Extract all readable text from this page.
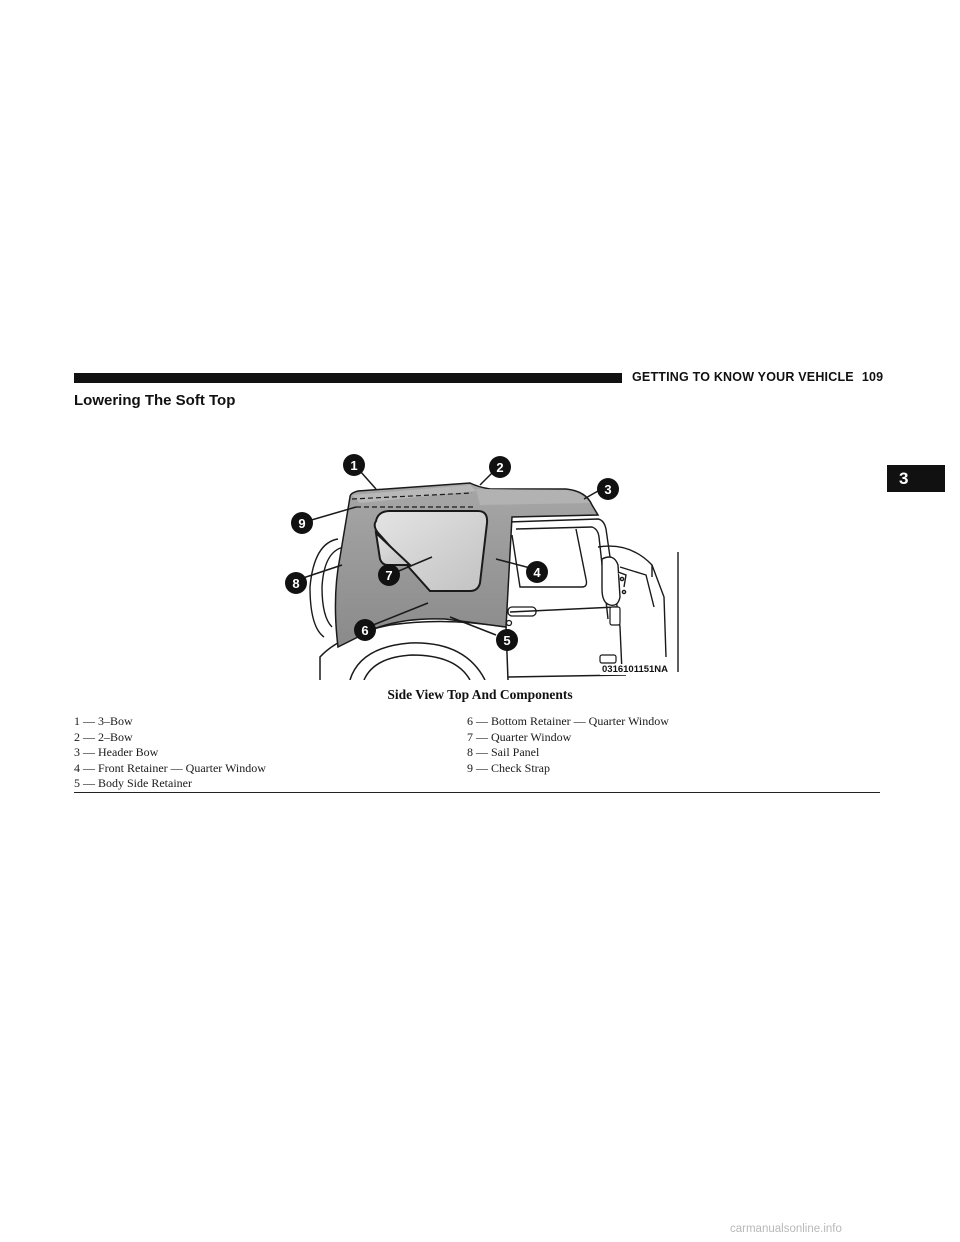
GETTING TO KNOW YOUR VEHICLE 109
3
Lowering The Soft Top
1	2
3
4
5
6
7
8
9
0316101151NA
Side View Top And Components
1 — 3–Bow
2 — 2–Bow
3 — Header Bow
4 — Front Retainer — Quarter Window
5 — Body Side Retainer
6 — Bottom Retainer — Quarter Window
7 — Quarter Window
8 — Sail Panel
9 — Check Strap
carmanualsonline.info
